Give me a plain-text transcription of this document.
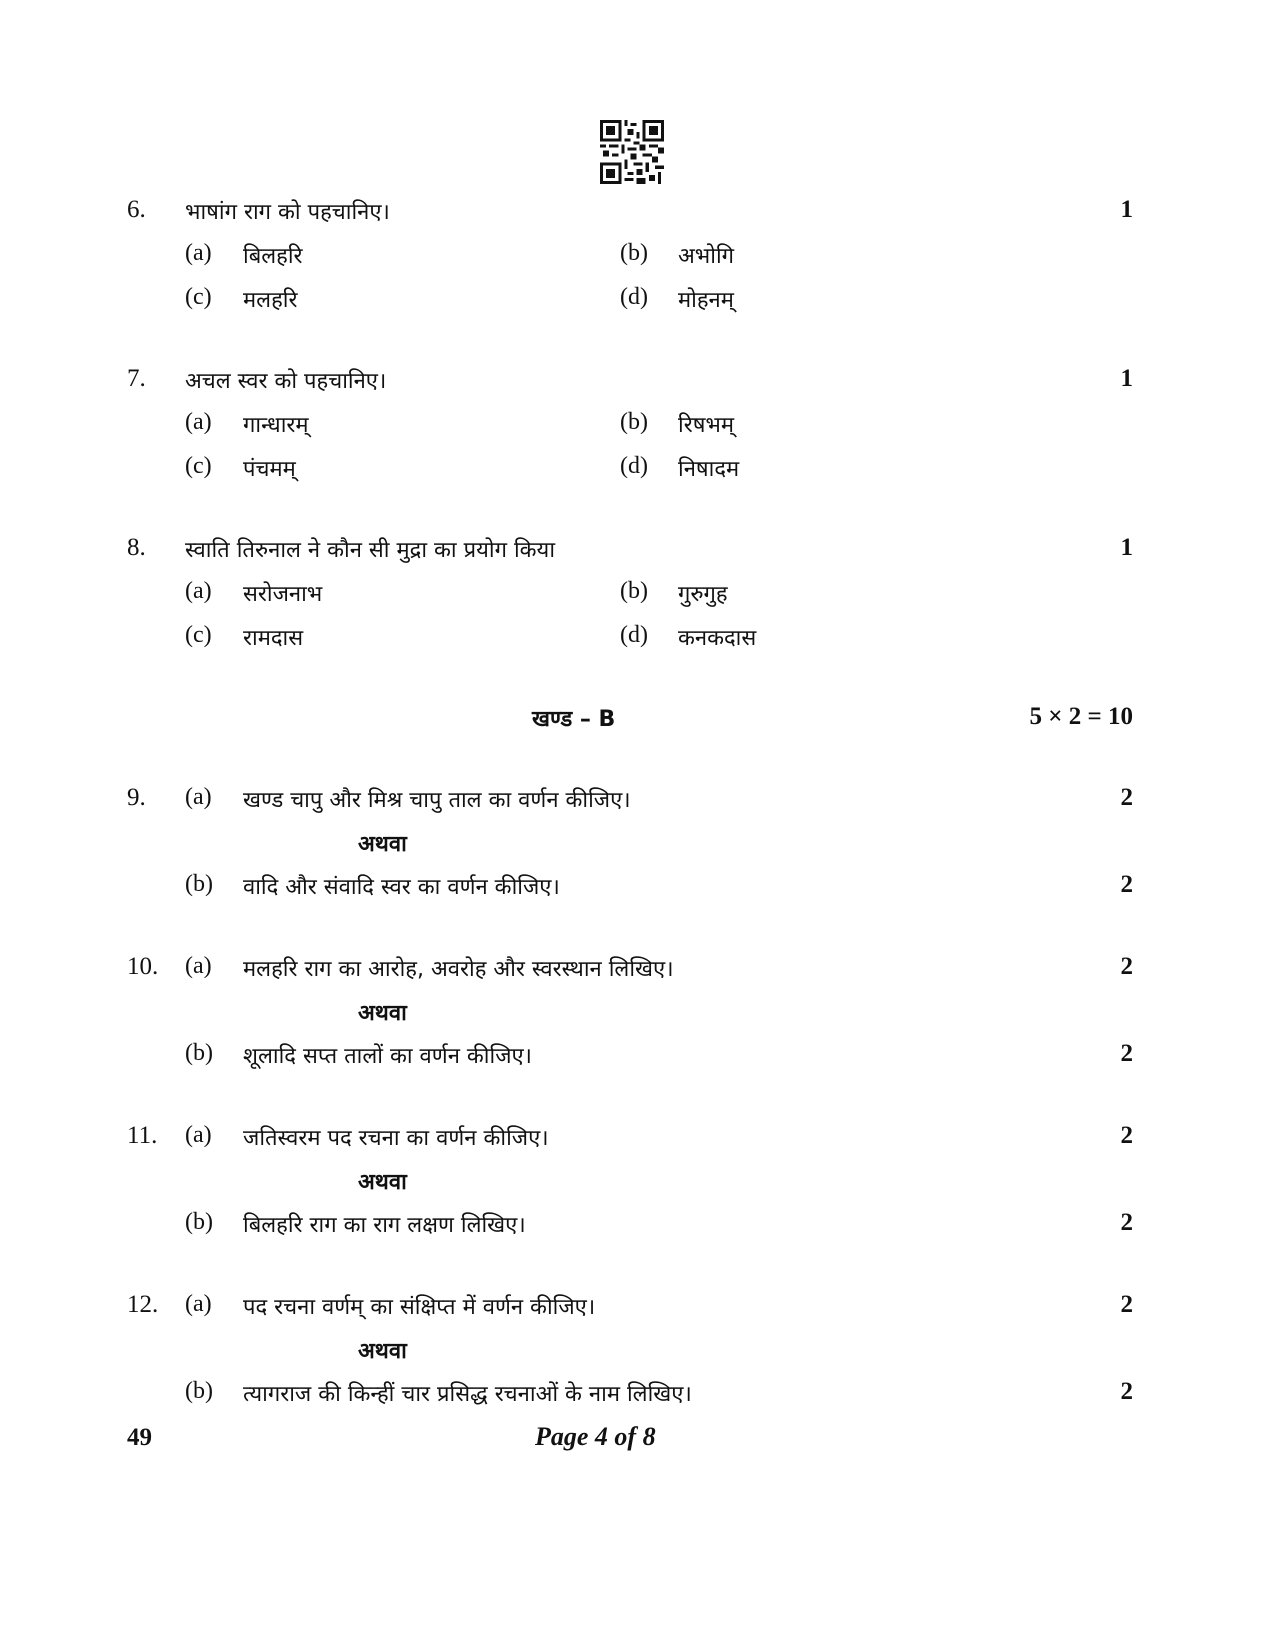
6. भाषांग राग को पहचानिए।	1
(a) बिलहरि	(b) अभोगि
(c) मलहरि	(d) मोहनम्
7. अचल स्वर को पहचानिए।	1
(a) गान्धारम्	(b) रिषभम्
(c) पंचमम्	(d) निषादम
8. स्वाति तिरुनाल ने कौन सी मुद्रा का प्रयोग किया	1
(a) सरोजनाभ	(b) गुरुगुह
(c) रामदास	(d) कनकदास
खण्ड – B	5 × 2 = 10
9. (a) खण्ड चापु और मिश्र चापु ताल का वर्णन कीजिए।	2
अथवा
(b) वादि और संवादि स्वर का वर्णन कीजिए।	2
10. (a) मलहरि राग का आरोह, अवरोह और स्वरस्थान लिखिए।	2
अथवा
(b) शूलादि सप्त तालों का वर्णन कीजिए।	2
11. (a) जतिस्वरम पद रचना का वर्णन कीजिए।	2
अथवा
(b) बिलहरि राग का राग लक्षण लिखिए।	2
12. (a) पद रचना वर्णम् का संक्षिप्त में वर्णन कीजिए।	2
अथवा
(b) त्यागराज की किन्हीं चार प्रसिद्ध रचनाओं के नाम लिखिए।	2
49	Page 4 of 8
